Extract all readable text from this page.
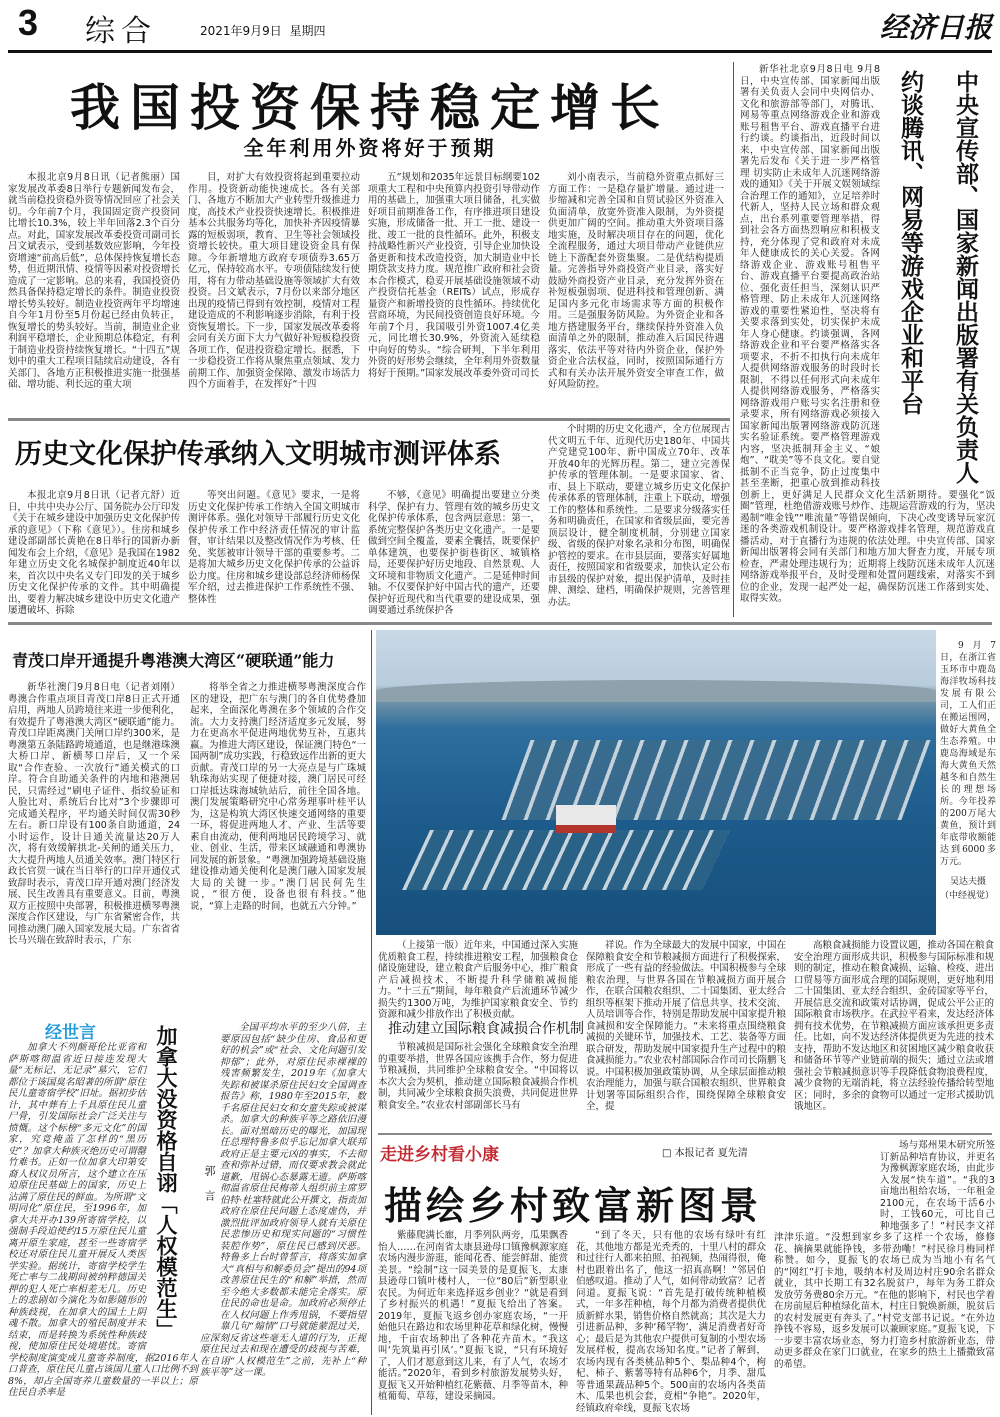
3 综合	2021年9月9日  星期四	经济日报
我国投资保持稳定增长
全年利用外资将好于预期

本报北京9月8日讯（记者熊丽）国家发展改革委8日举行专题新闻发布会，就当前稳投资稳外资等情况回应了社会关切。今年前7个月，我国固定资产投资同比增长10.3%，较上半年回落2.3个百分点。对此，国家发展改革委投资司副司长吕文斌表示，受到基数效应影响，今年投资增速“前高后低”，总体保持恢复增长态势，但近期汛情、疫情等因素对投资增长造成了一定影响。总的来看，我国投资仍然具备保持稳定增长的条件。制造业投资增长势头较好。制造业投资两年平均增速自今年1月份至5月份起已经由负转正，恢复增长的势头较好。当前，制造业企业利润平稳增长，企业预期总体稳定，有利于制造业投资持续恢复增长。“十四五”规划中的重大工程项目陆续启动建设，各有关部门、各地方正积极推进实施一批强基础、增功能、利长远的重大项

目，对扩大有效投资将起到重要拉动作用。投资新动能快速成长。各有关部门、各地方不断加大产业转型升级推进力度，高技术产业投资快速增长。积极推进基本公共服务均等化，加快补齐因疫情暴露的短板弱项，教育、卫生等社会领域投资增长较快。重大项目建设资金具有保障。今年新增地方政府专项债券3.65万亿元，保持较高水平。专项债陆续发行使用，将有力带动基础设施等领域扩大有效投资。吕文斌表示，7月份以来部分地区出现的疫情已得到有效控制，疫情对工程建设造成的不利影响逐步消除，有利于投资恢复增长。下一步，国家发展改革委将会同有关方面下大力气做好补短板稳投资各项工作，促进投资稳定增长。据悉，下一步稳投资工作将从聚焦重点领域、发力前期工作、加强资金保障、激发市场活力四个方面着手，在发挥好“十四

五”规划和2035年远景目标纲要102项重大工程和中央预算内投资引导带动作用的基础上，加强重大项目储备，扎实做好项目前期准备工作，有序推进项目建设实施，形成储备一批、开工一批、建设一批、竣工一批的良性循环。此外，积极支持战略性新兴产业投资，引导企业加快设备更新和技术改造投资，加大制造业中长期贷款支持力度。规范推广政府和社会资本合作模式，稳妥开展基础设施领域不动产投资信托基金（REITs）试点，形成存量资产和新增投资的良性循环。持续优化营商环境，为民间投资创造良好环境。今年前7个月，我国吸引外资1007.4亿美元，同比增长30.9%，外资流入延续稳中向好的势头。“综合研判，下半年利用外资的好形势会继续，全年利用外资数量将好于预期。”国家发展改革委外资司司长

刘小南表示，当前稳外资重点抓好三方面工作：一是稳存量扩增量。通过进一步缩减和完善全国和自贸试验区外资准入负面清单，放宽外资准入限制，为外资提供更加广阔的空间。推动重大外资项目落地实施，及时解决项目存在的问题，优化全流程服务，通过大项目带动产业链供应链上下游配套外资集聚。二是优结构提质量。完善指导外商投资产业目录，落实好鼓励外商投资产业目录，充分发挥外资在补短板强弱项、促进科技和管理创新、满足国内多元化市场需求等方面的积极作用。三是强服务防风险。为外资企业和各地方搭建服务平台，继续保持外资准入负面清单之外的限制，推动准入后国民待遇落实，依法平等对待内外资企业，保护外资企业合法权益，同时，按照国际通行方式和有关办法开展外资安全审查工作，做好风险防控。

新华社北京9月8日电 9月8日，中央宣传部、国家新闻出版署有关负责人会同中央网信办、文化和旅游部等部门，对腾讯、网易等重点网络游戏企业和游戏账号租售平台、游戏直播平台进行约谈。约谈指出，近段时间以来，中央宣传部、国家新闻出版署先后发布《关于进一步严格管理 切实防止未成年人沉迷网络游戏的通知》《关于开展文娱领域综合治理工作的通知》，立足培养时代新人，坚持人民立场和群众观点，出台系列重要管理举措，得到社会各方面热烈响应和积极支持，充分体现了党和政府对未成年人健康成长的关心关爱。各网络游戏企业、游戏账号租售平台、游戏直播平台要提高政治站位、强化责任担当，深刻认识严格管理、防止未成年人沉迷网络游戏的重要性紧迫性，坚决将有关要求落到实处，切实保护未成年人身心健康。约谈强调，各网络游戏企业和平台要严格落实各项要求，不折不扣执行向未成年人提供网络游戏服务的时段时长限制，不得以任何形式向未成年人提供网络游戏服务，严格落实网络游戏用户账号实名注册和登录要求，所有网络游戏必须接入国家新闻出版署网络游戏防沉迷实名验证系统。要严格管理游戏内容，坚决抵制拜金主义、“娘炮”、“耽美”等不良文化。要自觉抵制不正当竞争，防止过度集中甚至垄断，把重心放到推动科技创新上，更好满足人民群众文化生活新期待。要强化“饭圈”管理，杜绝借游戏账号炒作、违规运营游戏的行为，坚决遏制“唯金钱”“唯流量”等错误倾向，下决心改变诱导玩家沉迷的各类游戏机制设计。要严格游戏排名管理，规范游戏直播活动，对于直播行为违规的依法处理。中央宣传部、国家新闻出版署将会同有关部门和地方加大督查力度，开展专项检查，严肃处理违规行为；近期将上线防沉迷未成年人沉迷网络游戏举报平台，及时受理和处置问题线索，对落实不到位的企业，发现一起严处一起，确保防沉迷工作落到实处、取得实效。

中央宣传部、国家新闻出版署有关负责人
约谈腾讯、网易等游戏企业和平台
历史文化保护传承纳入文明城市测评体系

本报北京9月8日讯（记者亢舒）近日，中共中央办公厅、国务院办公厅印发《关于在城乡建设中加强历史文化保护传承的意见》（下称《意见》）。住房和城乡建设部副部长黄艳在8日举行的国新办新闻发布会上介绍，《意见》是我国在1982年建立历史文化名城保护制度近40年以来，首次以中央名义专门印发的关于城乡历史文化保护传承的文件。其中明确提出，要着力解决城乡建设中历史文化遗产屡遭破坏、拆除

等突出问题。《意见》要求，一是将历史文化保护传承工作纳入全国文明城市测评体系。强化对领导干部履行历史文化保护传承工作中经济责任情况的审计监督，审计结果以及整改情况作为考核、任免、奖惩被审计领导干部的重要参考。二是将加大城乡历史文化保护传承的公益诉讼力度。住房和城乡建设部总经济师杨保军介绍，过去推进保护工作系统性不强、整体性

不够，《意见》明确提出要建立分类科学、保护有力、管理有效的城乡历史文化保护传承体系，包含两层意思：第一，系统完整保护各类历史文化遗产。一是要做到空间全覆盖，要素全囊括，既要保护单体建筑，也要保护街巷街区、城镇格局，还要保护好历史地段、自然景观、人文环境和非物质文化遗产。二是延伸时间轴。不仅要保护好中国古代的遗产，还要保护好近现代和当代重要的建设成果，强调要通过系统保护各

个时期的历史文化遗产，全方位展现古代文明五千年、近现代历史180年、中国共产党建党100年、新中国成立70年、改革开放40年的光辉历程。第二，建立完善保护传承的管理体制。一是要求国家、省、市、县上下联动，要建立城乡历史文化保护传承体系的管理体制，注重上下联动，增强工作的整体和系统性。二是要求分级落实任务和明确责任，在国家和省级层面，要完善顶层设计，健全制度机制，分别建立国家级、省级的保护对象名录和分布图，明确保护管控的要求。在市县层面，要落实好属地责任，按照国家和省级要求，加快认定公布市县级的保护对象，提出保护清单，及时挂牌、测绘、建档，明确保护规则，完善管理办法。

青茂口岸开通提升粤港澳大湾区“硬联通”能力

新华社澳门9月8日电（记者刘刚）粤澳合作重点项目青茂口岸8日正式开通启用，两地人员跨境往来进一步便利化，有效提升了粤港澳大湾区“硬联通”能力。青茂口岸距离澳门关闸口岸约300米，是粤澳第五条陆路跨境通道，也是继港珠澳大桥口岸、新横琴口岸后，又一个采取“合作查验、一次放行”通关模式的口岸。符合自助通关条件的内地和港澳居民，只需经过“刷电子证件、指纹验证和人脸比对、系统后台比对”3个步骤即可完成通关程序，平均通关时间仅需30秒左右。新口岸设有100条自助通道，24小时运作，设计日通关流量达20万人次，将有效缓解拱北-关闸的通关压力，大大提升两地人员通关效率。澳门特区行政长官贺一诚在当日举行的口岸开通仪式致辞时表示，青茂口岸开通对澳门经济发展、民生改善具有重要意义。目前，粤澳双方正按照中央部署，积极推进横琴粤澳深度合作区建设，与广东省紧密合作，共同推动澳门融入国家发展大局。广东省省长马兴瑞在致辞时表示，广东

将举全省之力推进横琴粤澳深度合作区的建设，把广东与澳门的各自优势叠加起来，全面深化粤澳在多个领域的合作交流。大力支持澳门经济适度多元发展，努力在更高水平促进两地优势互补，互惠共赢。为推进大湾区建设，保证澳门特色“一国两制”成功实践，行稳致远作出新的更大贡献。青茂口岸的另一大亮点是与广珠城轨珠海站实现了便捷对接，澳门居民可经口岸抵达珠海城轨站后，前往全国各地。澳门发展策略研究中心常务理事叶桂平认为，这是构筑大湾区快速交通网络的重要一环，将促进两地人才、产业、生活等要素自由流动，便利两地居民跨境学习、就业、创业、生活，带来区域融通和粤澳协同发展的新景象。“粤澳加强跨境基础设施建设推动通关便利化是澳门融入国家发展大局的关键一步。”澳门居民何先生说，“很方便，设备也很有科技。”他说，“算上走路的时间，也就五六分钟。”

9月7日，在浙江省玉环市中鹿岛海洋牧场科技发展有限公司，工人们正在搬运围网，做好大黄鱼全生态养殖。中鹿岛海域是东海大黄鱼天然越冬和自然生长的理想场所。今年投养的200万尾大黄鱼，预计到年底带收额能达到6000多万元。

吴达夫摄
（中经视觉）

（上接第一版）近年来，中国通过深入实施优质粮食工程，持续推进粮安工程，加强粮食仓储设施建设，建立粮食产后服务中心，推广粮食产后减损技术，不断提升科学储粮减损能力。“十三五”期间，每年粮食产后流通环节减少损失约1300万吨，为维护国家粮食安全、节约资源和减少排放作出了积极贡献。

推动建立国际粮食减损合作机制

节粮减损是国际社会强化全球粮食安全治理的重要举措，世界各国应该携手合作，努力促进节粮减损，共同维护全球粮食安全。“中国将以本次大会为契机，推动建立国际粮食减损合作机制，共同减少全球粮食损失浪费，共同促进世界粮食安全。”农业农村部副部长马有

祥说。作为全球最大的发展中国家，中国在保障粮食安全和节粮减损方面进行了积极探索，形成了一些有益的经验做法。中国积极参与全球粮农治理，与世界各国在节粮减损方面开展合作，在联合国粮农组织、二十国集团、亚太经合组织等框架下推动开展了信息共享、技术交流、人员培训等合作，特别是帮助发展中国家提升粮食减损和安全保障能力。“未来将重点围绕粮食减损的关键环节，加强技术、工艺、装备等方面联合研发，帮助发展中国家提升生产过程中的粮食减损能力。”农业农村部国际合作司司长隋鹏飞说。中国积极加强政策协调，从全球层面推动粮农治理能力，加强与联合国粮农组织、世界粮食计划署等国际组织合作，围绕保障全球粮食安全，提

高粮食减损能力设置议题，推动各国在粮食安全治理方面形成共识，积极参与国际标准和规则的制定，推动在粮食减损、运输、检疫、进出口贸易等方面形成合理的国际规则，更好地利用二十国集团、亚太经合组织、金砖国家等平台，开展信息交流和政策对话协调，促成公平公正的国际粮食市场秩序。在武拉平看来，发达经济体拥有技术优势，在节粮减损方面应该承担更多责任。比如，向不发达经济体提供更为先进的技术支持，帮助不发达地区和贫困地区减少粮食收获和储备环节等产业链前端的损失；通过立法或增强社会节粮减损意识等手段降低食物浪费程度，减少食物的无端消耗，将立法经验传播给转型地区；同时，多余的食物可以通过一定形式援助饥饿地区。

经世言

加拿大不列颠哥伦比亚省和萨斯喀彻温省近日接连发现大量“无标记、无记录”墓穴，它们都位于该国臭名昭著的所谓“原住民儿童寄宿学校”旧址。据初步估计，其中葬有上千具原住民儿童尸骨，引发国际社会广泛关注与愤慨。这个标榜“多元文化”的国家，究竟掩盖了怎样的“黑历史”？加拿大种族灭绝历史可谓罄竹难书。正如一位加拿大印第安裔人权议员所言，这个建立在压迫原住民基础上的国家，历史上沾满了原住民的鲜血。为所谓“文明同化”原住民，至1996年，加拿大共开办139所寄宿学校，以强制手段迫使约15万原住民儿童离开原生家庭，甚至一些寄宿学校还对原住民儿童开展反人类医学实验。据统计，寄宿学校学生死亡率与二战期间被纳粹德国关押的犯人死亡率相差无几。历史上的悲剧如今演化为如影随形的种族歧视，在加拿大的国土上阴魂不散。加拿大的殖民制度并未结束，而是转换为系统性种族歧视，使加原住民处境堪忧。寄宿学校制度演变成儿童寄养制度，据2016年人口普查，原住民儿童占该国儿童人口比例不到8%，却占全国寄养儿童数量的一半以上；原住民自杀率是

加拿大没资格自诩「人权模范生」	全国平均水平的至少八倍，主要原因包括“缺少住房、食品和更好的机会”或“社会、文化问题引发抑郁”；此外，对原住民赤裸裸的残害频繁发生，2019年《加拿大失踪和被谋杀原住民妇女全国调查报告》称，1980年至2015年，数千名原住民妇女和女童失踪或被谋杀。加拿大的种族平等之路依旧漫长。面对黑暗历史的曝光，加国现任总理特鲁多似乎忘记加拿大联邦政府正是主要元凶的事实，不去彻查和弥补过错，而仅要求教会就此道歉，甩锅心态暴露无遗。萨斯喀彻温省原住民梅蒂人组织前主席罗伯特·杜塞特就此公开撰文，指责加政府在原住民问题上态度虚伪，并激烈批评加政府领导人就有关原住民悲惨历史和现实问题的“习惯性装腔作势”，原住民已感到厌恶。特鲁多上台时曾誓言，将落实加拿大“真相与和解委员会”提出的94项改善原住民生的“和解”举措，然而至今绝大多数都未能完全落实。原住民的命也是命。加政府必须停止在人权问题上作秀甩锅，不要指望靠几句“煽情”口号就能蒙混过关，应深刻反省这些毫无人道的行为，正视原住民过去和现在遭受的歧视与苦难，在自诩“人权模范生”之前，先补上“种族平等”这一课。

郭言
走进乡村看小康	□ 本报记者 夏先清
描绘乡村致富新图景

紫藤爬满长廊，月季列队两旁，瓜果飘香怡人……在河南省太康县逊母口镇豫枫源家庭农场内漫步游逛，能闻花香、能尝鲜甜、能赏美景。“绘制”这一园美景的是夏振飞，太康县逊母口镇叶楼村人，一位“80后”新型职业农民。为何近年来选择返乡创业？“就是看到了乡村振兴的机遇！”夏振飞给出了答案。2019年，夏振飞返乡创办家庭农场，“一开始他只在路边和农场里种花草和绿化树，慢慢地，千亩农场种出了各种花卉苗木。“我这叫‘先筑巢再引凤’。”夏振飞说，“只有环境好了，人们才愿意到这儿来，有了人气，农场才能活。”2020年，看到乡村旅游发展势头好，夏振飞又开始种植红花紫薇、月季等苗木，种植葡萄、草莓，建设采摘园。

“到了冬天，只有他的农场有绿叶有红花，其他地方都是光秃秃的，十里八村的群众和过往行人都来拍照、拍视频，热闹得很，俺村也跟着出名了，他这一招真高啊！”邻居伯伯感叹道。推动了人气，如何带动致富？记者问道。夏振飞说：“首先是打破传统种植模式，一年多茬种植，每个月都为消费者提供优质新鲜水果，销售价格自然就高；其次是大力引进新品种，多种‘稀罕物’，满足消费者好奇心；最后是为其他农户提供可复制的小型农场发展样板，提高农场知名度。”记者了解到，农场内现有各类桃品种5个、梨品种4个，枸杞、柿子、紫薯等特有品种6个，月季、甜瓜等普通果蔬品种5个。500亩的农场内各类苗木、瓜果也机会套，竟相“争艳”。2020年，经镇政府牵线，夏振飞农场

场与郑州果木研究所签订新品种培育协议，并更名为豫枫源家庭农场，由此步入发展“快车道”。“我的3亩地出租给农场，一年租金2100元，在农场干活6小时，工钱60元，可比自己种地强多了！”村民李文祥津津乐道。“没想到家乡多了这样一个农场，修修花、摘摘果就能挣钱，多带劲嘞！”村民徐月梅同样称赞。如今，夏振飞的农场已成为当地小有名气的“网红”打卡地，吸纳本村及周边村庄90余名群众就业，其中长期工有32名脱贫户，每年为务工群众发放劳务费80余万元。“在他的影响下，村民也学着在房前屋后种植绿化苗木，村庄日貌焕新颜，脱贫后的农村发展更有奔头了。”村党支部书记说。“在外边挣钱不容易，返乡发展可以兼顾家庭。”夏振飞说，下一步要丰富农场业态，努力打造乡村旅游新业态，带动更多群众在家门口就业，在家乡的热土上播撒致富的希望。
